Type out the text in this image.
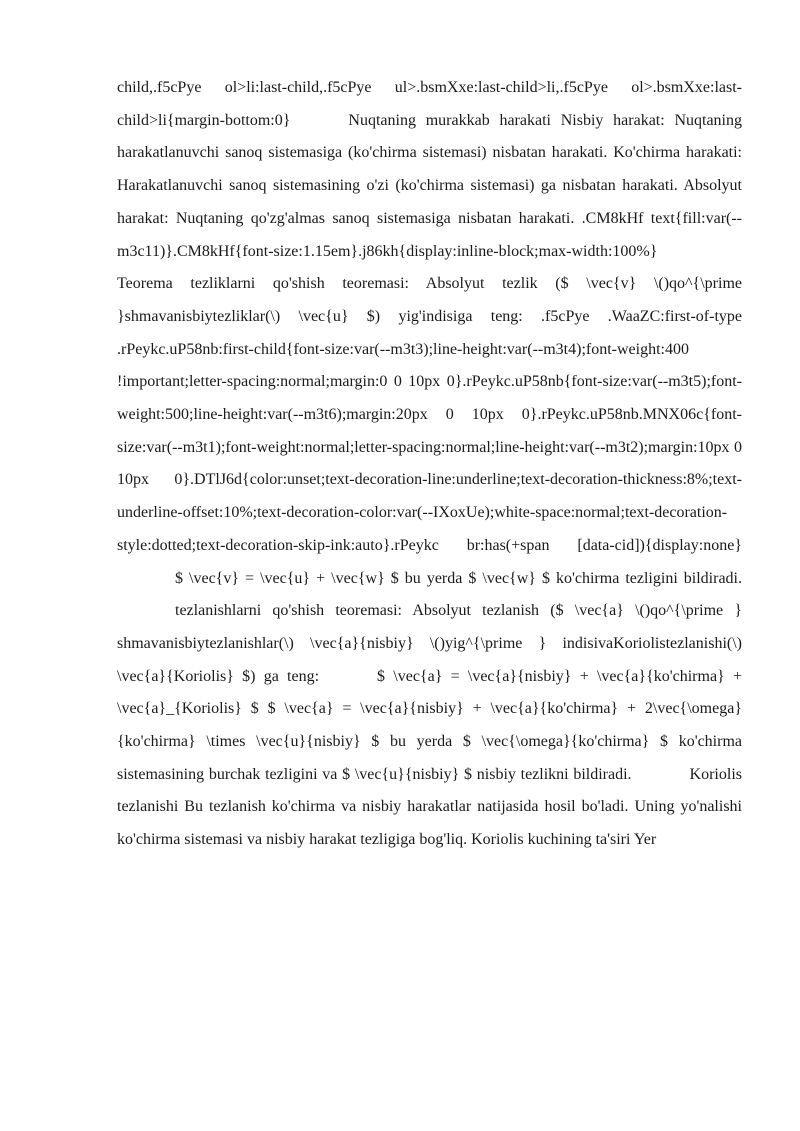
child,.f5cPye ol>li:last-child,.f5cPye ul>.bsmXxe:last-child>li,.f5cPye ol>.bsmXxe:last-child>li{margin-bottom:0}	Nuqtaning murakkab harakati Nisbiy harakat: Nuqtaning harakatlanuvchi sanoq sistemasiga (ko'chirma sistemasi) nisbatan harakati. Ko'chirma harakati: Harakatlanuvchi sanoq sistemasining o'zi (ko'chirma sistemasi) ga nisbatan harakati. Absolyut harakat: Nuqtaning qo'zg'almas sanoq sistemasiga nisbatan harakati. .CM8kHf text{fill:var(--m3c11)}.CM8kHf{font-size:1.15em}.j86kh{display:inline-block;max-width:100%}Teorema tezliklarni qo'shish teoremasi: Absolyut tezlik ($ \vec{v} \()qo^{\prime }shmavanisbiytezliklar(\) \vec{u} $) yig'indisiga teng: .f5cPye .WaaZC:first-of-type .rPeykc.uP58nb:first-child{font-size:var(--m3t3);line-height:var(--m3t4);font-weight:400 !important;letter-spacing:normal;margin:0 0 10px 0}.rPeykc.uP58nb{font-size:var(--m3t5);font-weight:500;line-height:var(--m3t6);margin:20px 0 10px 0}.rPeykc.uP58nb.MNX06c{font-size:var(--m3t1);font-weight:normal;letter-spacing:normal;line-height:var(--m3t2);margin:10px 0 10px 0}.DTlJ6d{color:unset;text-decoration-line:underline;text-decoration-thickness:8%;text-underline-offset:10%;text-decoration-color:var(--IXoxUe);white-space:normal;text-decoration-style:dotted;text-decoration-skip-ink:auto}.rPeykc br:has(+span [data-cid]){display:none}$ \vec{v} = \vec{u} + \vec{w} $ bu yerda $ \vec{w} $ ko'chirma tezligini bildiradi.tezlanishlarni qo'shish teoremasi: Absolyut tezlanish ($ \vec{a} \()qo^{\prime } shmavanisbiytezlanishlar(\) \vec{a}{nisbiy} \()yig^{\prime } indisivaKoriolistezlanishi(\) \vec{a}{Koriolis} $) ga teng:	$ \vec{a} = \vec{a}{nisbiy} + \vec{a}{ko'chirma} + \vec{a}_{Koriolis} $ $ \vec{a} = \vec{a}{nisbiy} + \vec{a}{ko'chirma} + 2\vec{\omega}{ko'chirma} \times \vec{u}{nisbiy} $ bu yerda $ \vec{\omega}{ko'chirma} $ ko'chirma sistemasining burchak tezligini va $ \vec{u}{nisbiy} $ nisbiy tezlikni bildiradi.	Koriolis tezlanishi Bu tezlanish ko'chirma va nisbiy harakatlar natijasida hosil bo'ladi. Uning yo'nalishi ko'chirma sistemasi va nisbiy harakat tezligiga bog'liq. Koriolis kuchining ta'siri Yer
